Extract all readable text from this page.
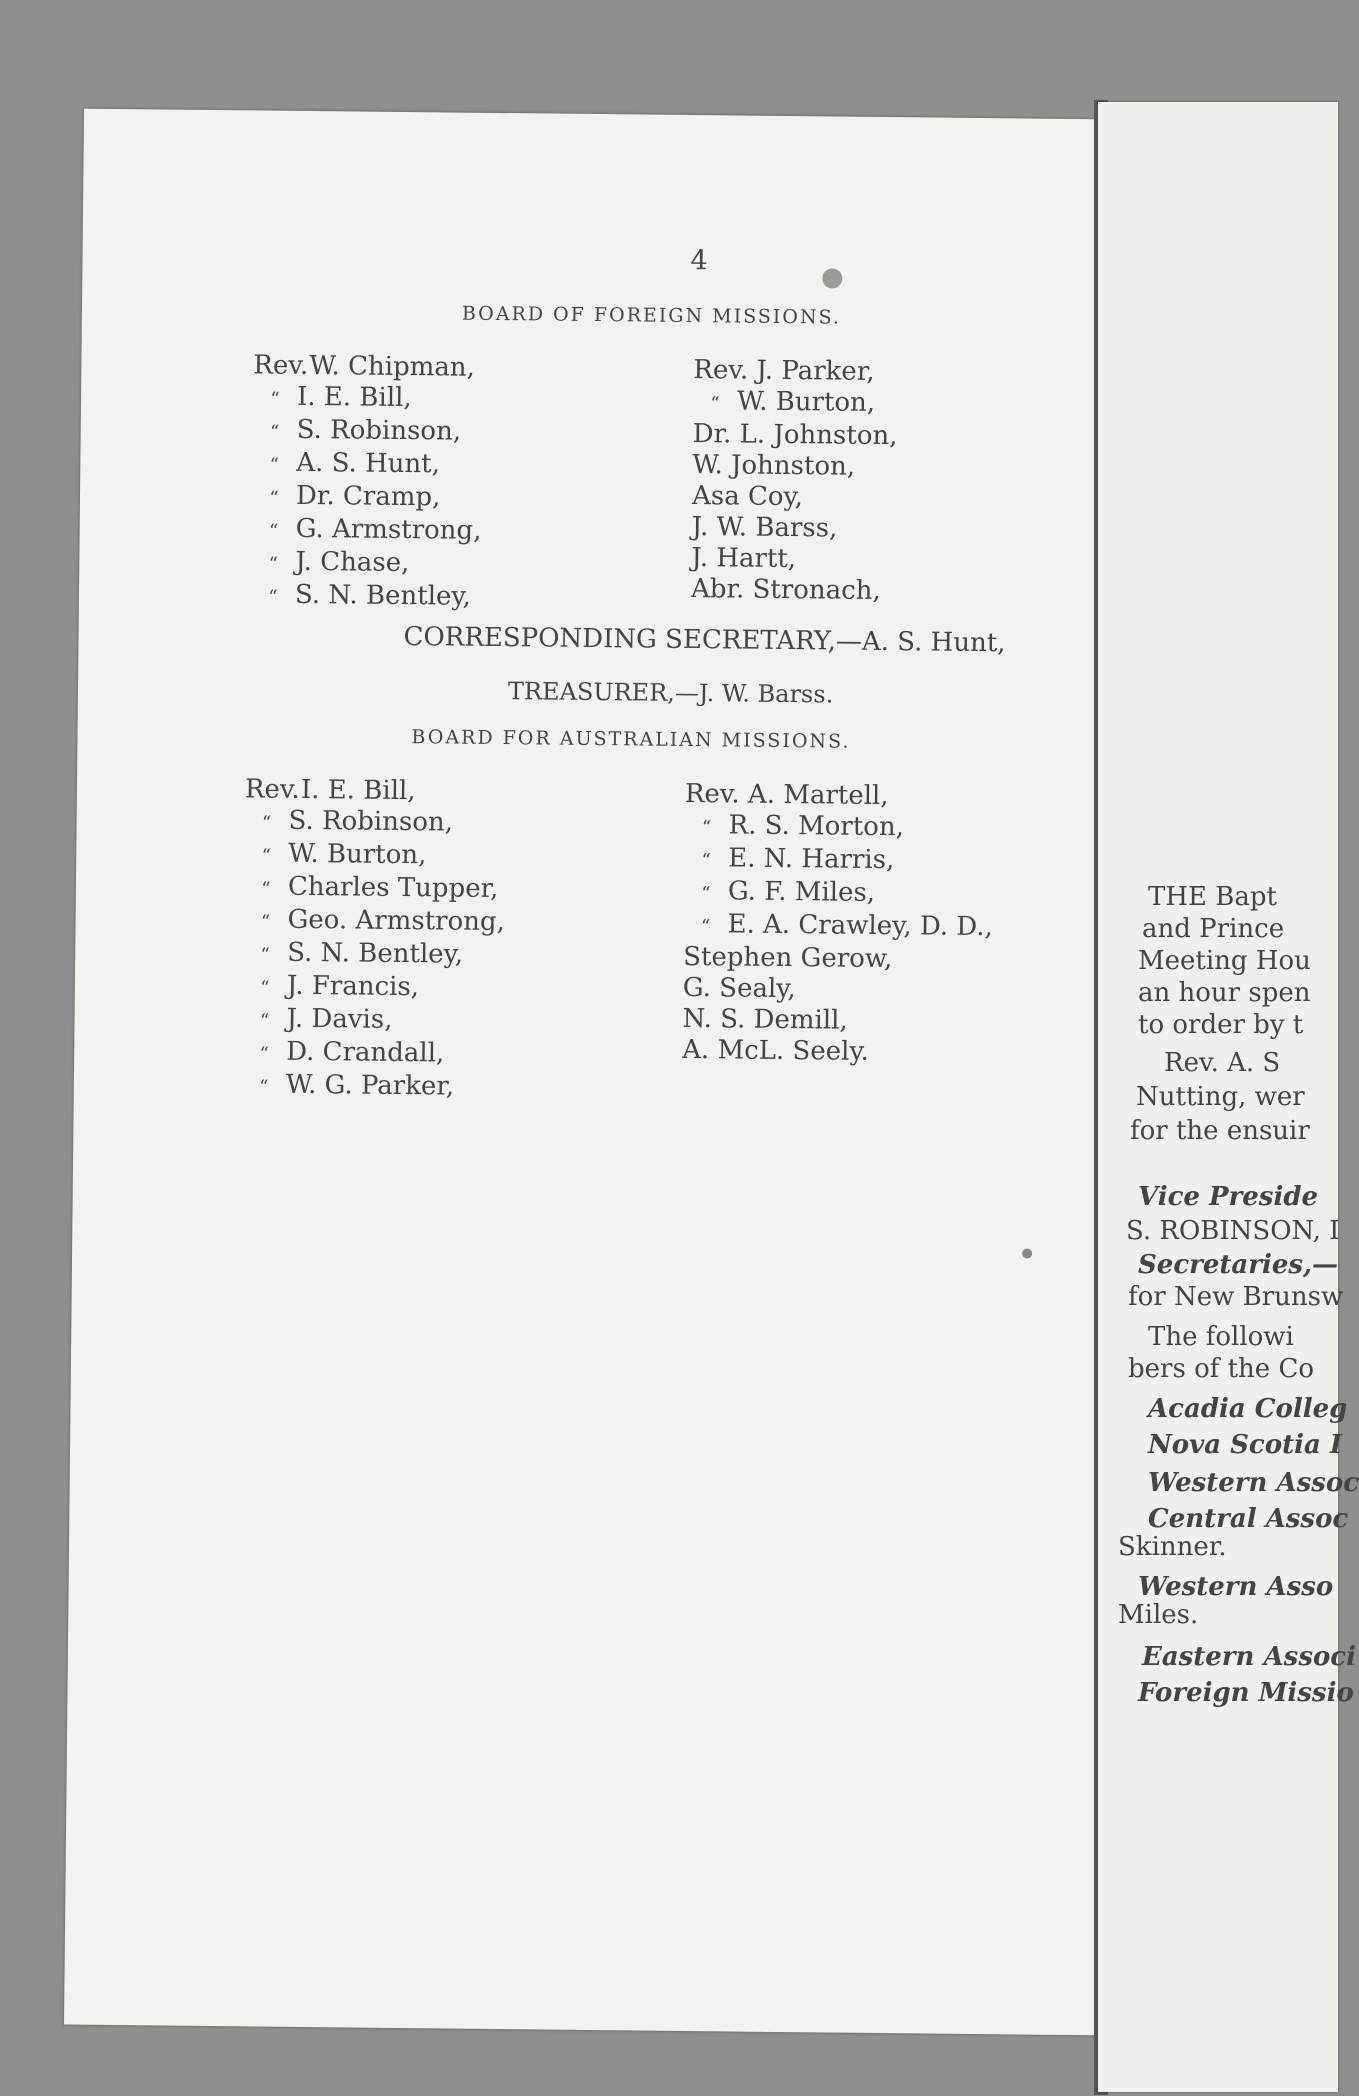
4
BOARD OF FOREIGN MISSIONS.
Rev.W. Chipman,
“ I. E. Bill,
“ S. Robinson,
“ A. S. Hunt,
“ Dr. Cramp,
“ G. Armstrong,
“ J. Chase,
“ S. N. Bentley,
Rev. J. Parker,
“ W. Burton,
Dr. L. Johnston,
W. Johnston,
Asa Coy,
J. W. Barss,
J. Hartt,
Abr. Stronach,
CORRESPONDING SECRETARY,—A. S. Hunt,
TREASURER,—J. W. Barss.
BOARD FOR AUSTRALIAN MISSIONS.
Rev.I. E. Bill,
“ S. Robinson,
“ W. Burton,
“ Charles Tupper,
“ Geo. Armstrong,
“ S. N. Bentley,
“ J. Francis,
“ J. Davis,
“ D. Crandall,
“ W. G. Parker,
Rev. A. Martell,
“ R. S. Morton,
“ E. N. Harris,
“ G. F. Miles,
“ E. A. Crawley, D. D.,
Stephen Gerow,
G. Sealy,
N. S. Demill,
A. McL. Seely.
THE Bapt
and Prince
Meeting Hou
an hour spen
to order by t
Rev. A. S
Nutting, wer
for the ensuir
Vice Preside
S. ROBINSON, I
Secretaries,—
for New Brunsw
The followi
bers of the Co
Acadia Colleg
Nova Scotia I
Western Assoc
Central Assoc
Skinner.
Western Asso
Miles.
Eastern Associ
Foreign Missio
